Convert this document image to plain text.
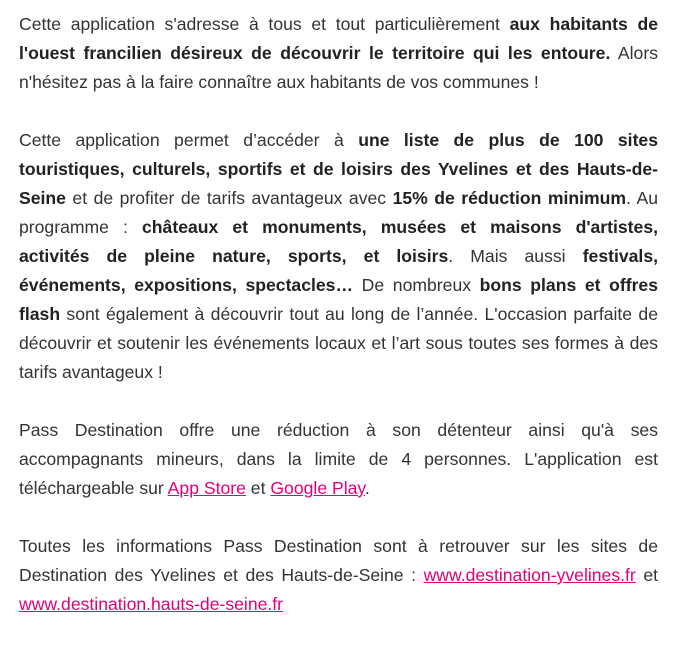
Cette application s'adresse à tous et tout particulièrement aux habitants de l'ouest francilien désireux de découvrir le territoire qui les entoure. Alors n'hésitez pas à la faire connaître aux habitants de vos communes !

Cette application permet d’accéder à une liste de plus de 100 sites touristiques, culturels, sportifs et de loisirs des Yvelines et des Hauts-de-Seine et de profiter de tarifs avantageux avec 15% de réduction minimum. Au programme : châteaux et monuments, musées et maisons d'artistes, activités de pleine nature, sports, et loisirs. Mais aussi festivals, événements, expositions, spectacles… De nombreux bons plans et offres flash sont également à découvrir tout au long de l’année. L'occasion parfaite de découvrir et soutenir les événements locaux et l’art sous toutes ses formes à des tarifs avantageux !

Pass Destination offre une réduction à son détenteur ainsi qu'à ses accompagnants mineurs, dans la limite de 4 personnes. L'application est téléchargeable sur App Store et Google Play.

Toutes les informations Pass Destination sont à retrouver sur les sites de Destination des Yvelines et des Hauts-de-Seine : www.destination-yvelines.fr et www.destination.hauts-de-seine.fr
